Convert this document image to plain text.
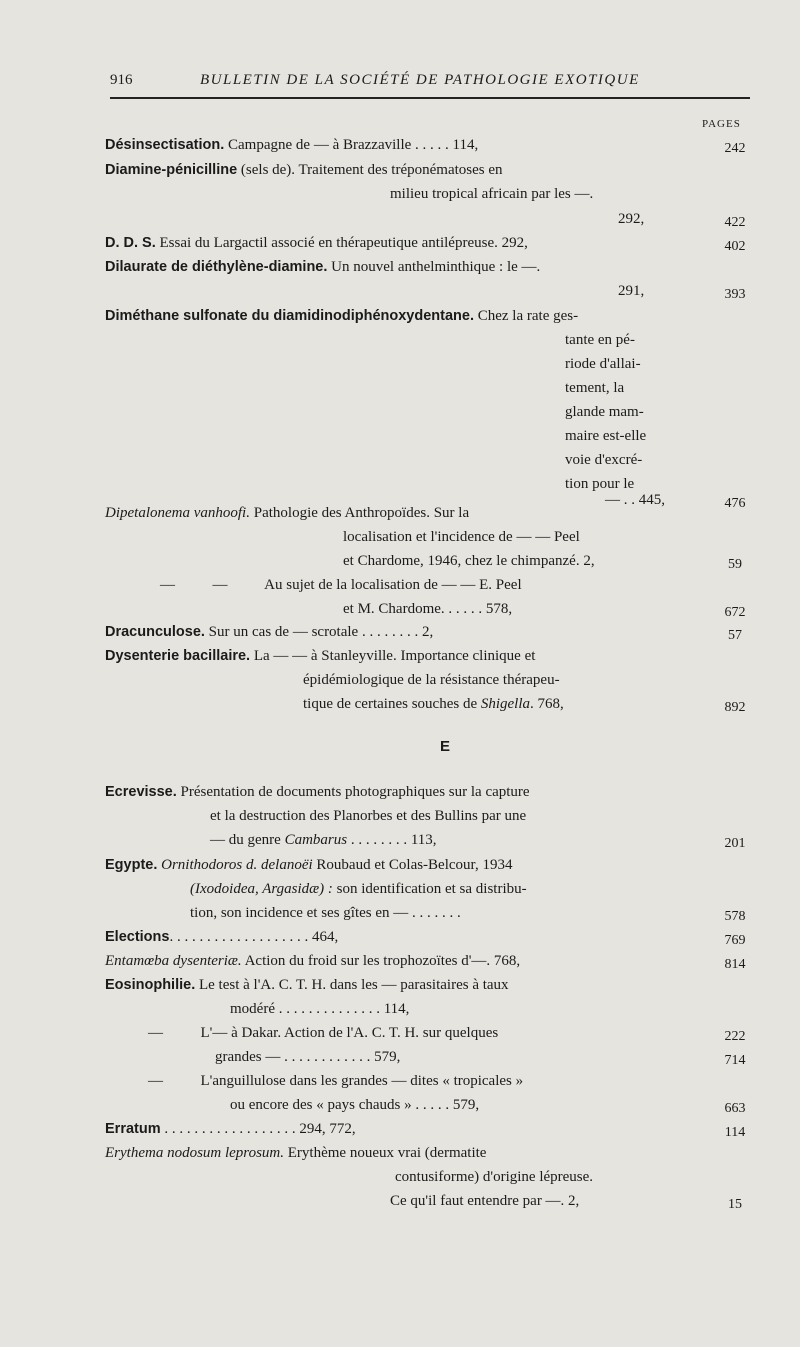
916	BULLETIN DE LA SOCIÉTÉ DE PATHOLOGIE EXOTIQUE
PAGES
E
Désinsectisation. Campagne de — à Brazzaville . . . . . 114,
Diamine-pénicilline (sels de). Traitement des tréponématoses en
milieu tropical africain par les —.
292,
D. D. S. Essai du Largactil associé en thérapeutique antilépreuse. 292,
Dilaurate de diéthylène-diamine. Un nouvel anthelminthique : le —.
291,
Diméthane sulfonate du diamidinodiphénoxydentane. Chez la rate ges-
tante en pé-
riode d'allai-
tement, la
glande mam-
maire est-elle
voie d'excré-
tion pour le
— . . 445,
Dipetalonema vanhoofi. Pathologie des Anthropoïdes. Sur la
localisation et l'incidence de — — Peel
et Chardome, 1946, chez le chimpanzé. 2,
—          —          Au sujet de la localisation de — — E. Peel
et M. Chardome. . . . . . 578,
Dracunculose. Sur un cas de — scrotale . . . . . . . . 2,
Dysenterie bacillaire. La — — à Stanleyville. Importance clinique et
épidémiologique de la résistance thérapeu-
tique de certaines souches de Shigella. 768,
Ecrevisse. Présentation de documents photographiques sur la capture
et la destruction des Planorbes et des Bullins par une
— du genre Cambarus . . . . . . . . 113,
Egypte. Ornithodoros d. delanoëi Roubaud et Colas-Belcour, 1934
(Ixodoidea, Argasidæ) : son identification et sa distribu-
tion, son incidence et ses gîtes en — . . . . . . .
Elections. . . . . . . . . . . . . . . . . . . 464,
Entamœba dysenteriæ. Action du froid sur les trophozoïtes d'—. 768,
Eosinophilie. Le test à l'A. C. T. H. dans les — parasitaires à taux
modéré . . . . . . . . . . . . . . 114,
—          L'— à Dakar. Action de l'A. C. T. H. sur quelques
grandes — . . . . . . . . . . . . 579,
—          L'anguillulose dans les grandes — dites « tropicales »
ou encore des « pays chauds » . . . . . 579,
Erratum . . . . . . . . . . . . . . . . . . 294, 772,
Erythema nodosum leprosum. Erythème noueux vrai (dermatite
contusiforme) d'origine lépreuse.
Ce qu'il faut entendre par —. 2,
242
422
402
393
476
59
672
57
892
201
578
769
814
222
714
663
114
15
